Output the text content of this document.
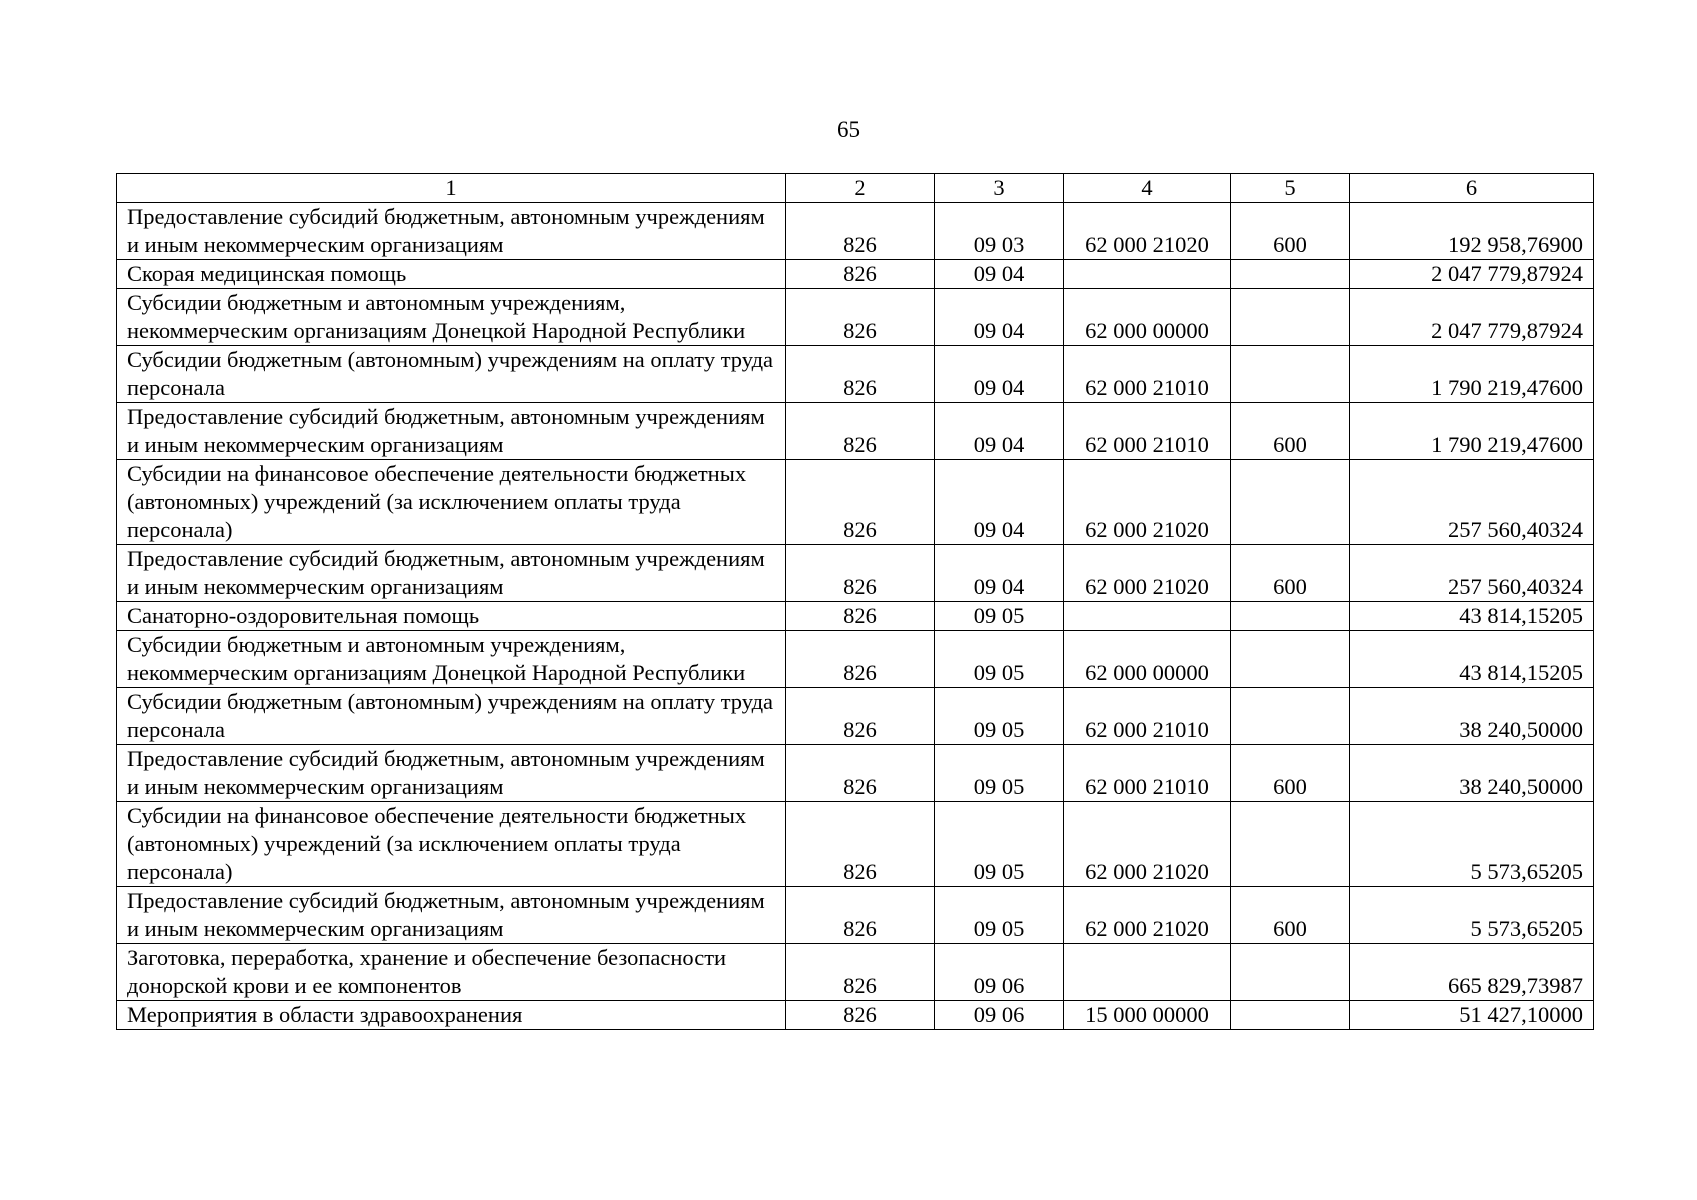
65
1	2	3	4	5	6
Предоставление субсидий бюджетным, автономным учреждениям и иным некоммерческим организациям	826	09 03	62 000 21020	600	192 958,76900
Скорая медицинская помощь	826	09 04			2 047 779,87924
Субсидии бюджетным и автономным учреждениям, некоммерческим организациям Донецкой Народной Республики	826	09 04	62 000 00000		2 047 779,87924
Субсидии бюджетным (автономным) учреждениям на оплату труда персонала	826	09 04	62 000 21010		1 790 219,47600
Предоставление субсидий бюджетным, автономным учреждениям и иным некоммерческим организациям	826	09 04	62 000 21010	600	1 790 219,47600
Субсидии на финансовое обеспечение деятельности бюджетных (автономных) учреждений (за исключением оплаты труда персонала)	826	09 04	62 000 21020		257 560,40324
Предоставление субсидий бюджетным, автономным учреждениям и иным некоммерческим организациям	826	09 04	62 000 21020	600	257 560,40324
Санаторно-оздоровительная помощь	826	09 05			43 814,15205
Субсидии бюджетным и автономным учреждениям, некоммерческим организациям Донецкой Народной Республики	826	09 05	62 000 00000		43 814,15205
Субсидии бюджетным (автономным) учреждениям на оплату труда персонала	826	09 05	62 000 21010		38 240,50000
Предоставление субсидий бюджетным, автономным учреждениям и иным некоммерческим организациям	826	09 05	62 000 21010	600	38 240,50000
Субсидии на финансовое обеспечение деятельности бюджетных (автономных) учреждений (за исключением оплаты труда персонала)	826	09 05	62 000 21020		5 573,65205
Предоставление субсидий бюджетным, автономным учреждениям и иным некоммерческим организациям	826	09 05	62 000 21020	600	5 573,65205
Заготовка, переработка, хранение и обеспечение безопасности донорской крови и ее компонентов	826	09 06			665 829,73987
Мероприятия в области здравоохранения	826	09 06	15 000 00000		51 427,10000
